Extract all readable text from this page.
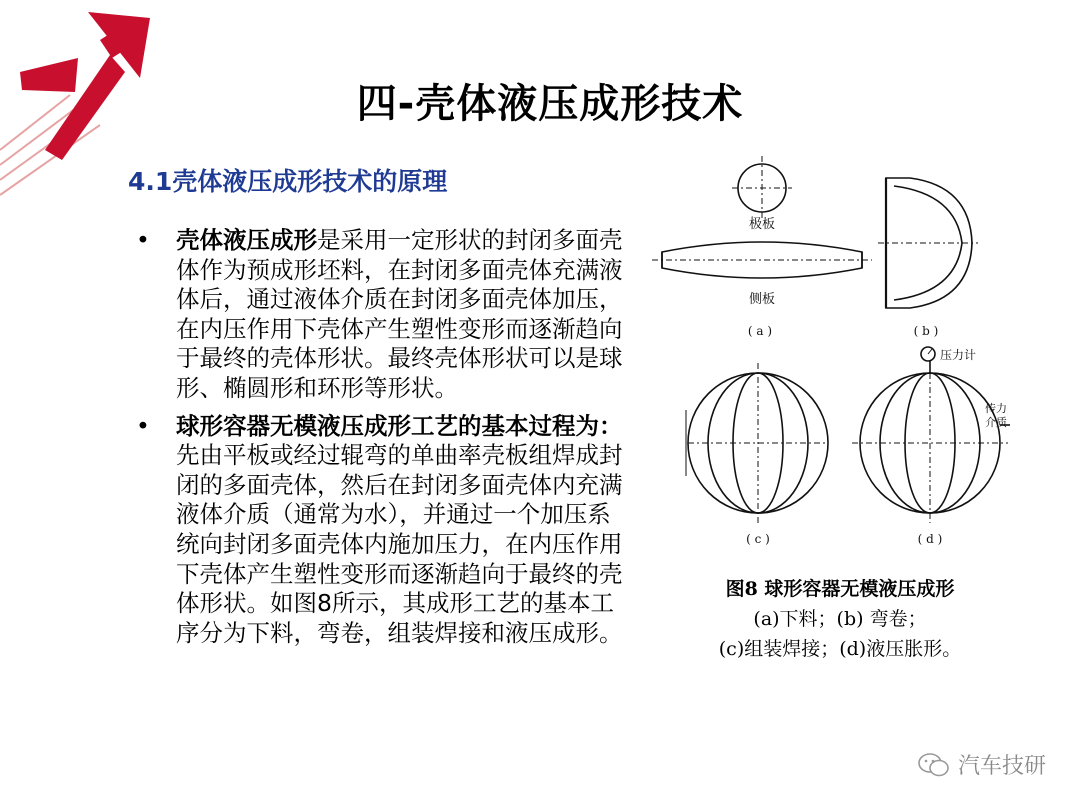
四-壳体液压成形技术
4.1壳体液压成形技术的原理
• 壳体液压成形是采用一定形状的封闭多面壳体作为预成形坯料，在封闭多面壳体充满液体后，通过液体介质在封闭多面壳体加压，在内压作用下壳体产生塑性变形而逐渐趋向于最终的壳体形状。最终壳体形状可以是球形、椭圆形和环形等形状。
• 球形容器无模液压成形工艺的基本过程为：先由平板或经过辊弯的单曲率壳板组焊成封闭的多面壳体，然后在封闭多面壳体内充满液体介质（通常为水），并通过一个加压系统向封闭多面壳体内施加压力，在内压作用下壳体产生塑性变形而逐渐趋向于最终的壳体形状。如图8所示，其成形工艺的基本工序分为下料，弯卷，组装焊接和液压成形。
极板
侧板
( a )	( b )
( c )
压力计
传力
介质
( d )
图8 球形容器无模液压成形
(a)下料；(b) 弯卷；
(c)组装焊接；(d)液压胀形。
汽车技研
